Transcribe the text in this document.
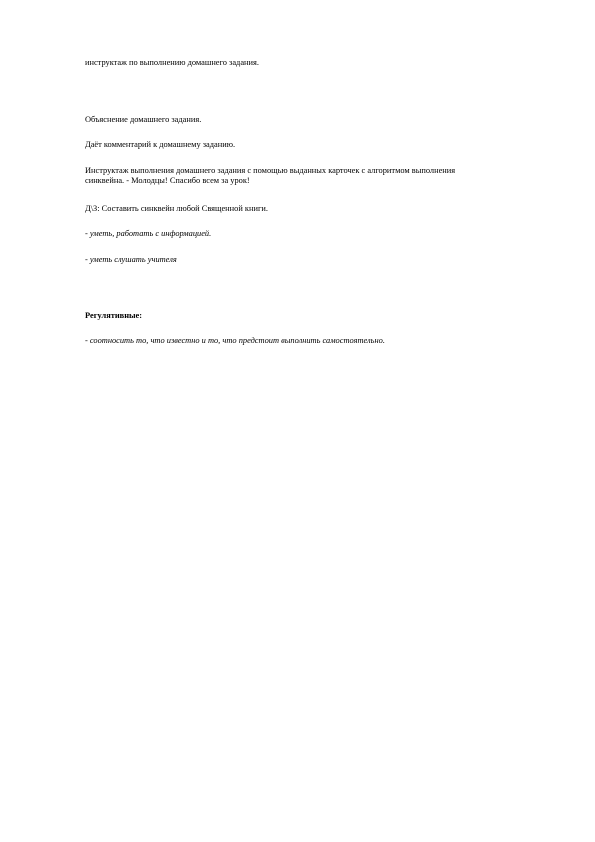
инструктаж по выполнению домашнего задания.

Объяснение домашнего задания.

Даёт комментарий к домашнему заданию.

Инструктаж выполнения домашнего задания с помощью выданных карточек с алгоритмом выполнения

синквейна. - Молодцы! Спасибо всем за урок!

Д\З: Составить синквейн любой Священной книги.

- уметь, работать с информацией.

- уметь слушать учителя

Регулятивные:

- соотносить то, что известно и то, что предстоит выполнить самостоятельно.
